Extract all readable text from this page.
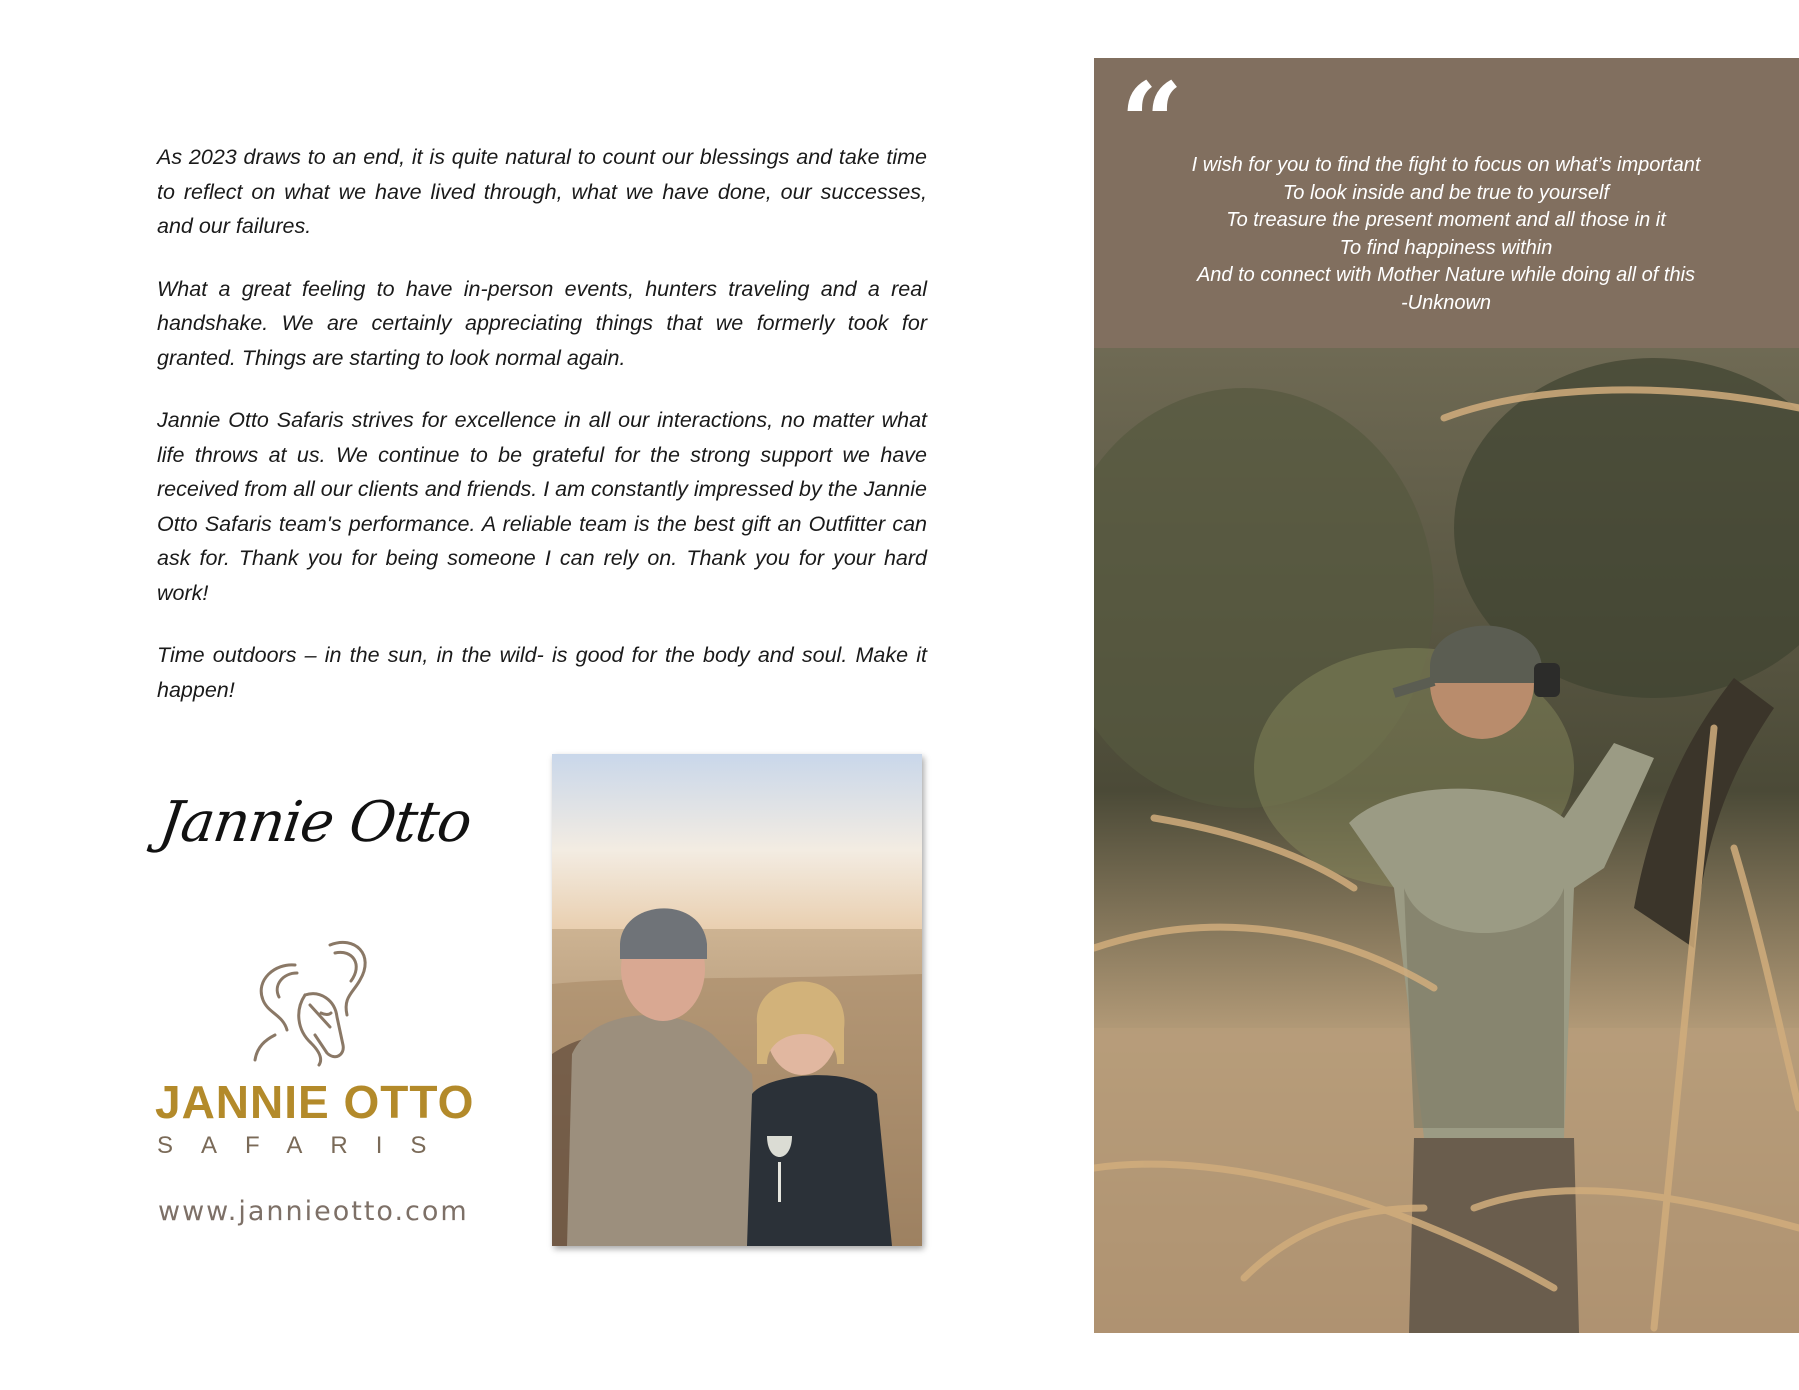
As 2023 draws to an end, it is quite natural to count our blessings and take time to reflect on what we have lived through, what we have done, our successes, and our failures.

What a great feeling to have in-person events, hunters traveling and a real handshake. We are certainly appreciating things that we formerly took for granted. Things are starting to look normal again.

Jannie Otto Safaris strives for excellence in all our interactions, no matter what life throws at us. We continue to be grateful for the strong support we have received from all our clients and friends. I am constantly impressed by the Jannie Otto Safaris team's performance. A reliable team is the best gift an Outfitter can ask for. Thank you for being someone I can rely on. Thank you for your hard work!

Time outdoors – in the sun, in the wild- is good for the body and soul. Make it happen!

Jannie Otto
JANNIE OTTO
SAFARIS
www.jannieotto.com
“ I wish for you to find the fight to focus on what’s important
To look inside and be true to yourself
To treasure the present moment and all those in it
To find happiness within
And to connect with Mother Nature while doing all of this
-Unknown
